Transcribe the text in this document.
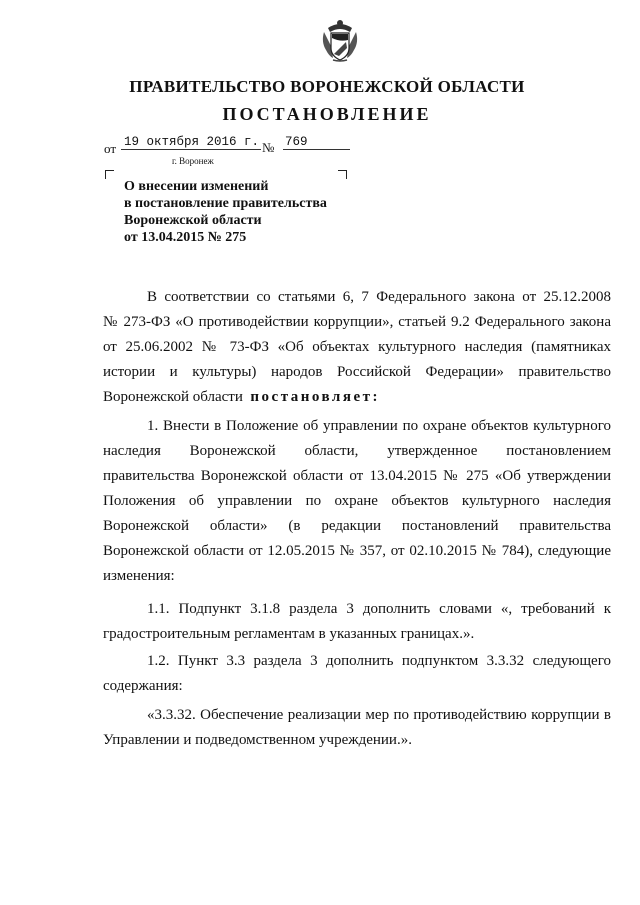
ПРАВИТЕЛЬСТВО ВОРОНЕЖСКОЙ ОБЛАСТИ
ПОСТАНОВЛЕНИЕ
от 19 октября 2016 г. № 769
г. Воронеж
О внесении изменений
в постановление правительства
Воронежской области
от 13.04.2015 № 275
В соответствии со статьями 6, 7 Федерального закона от 25.12.2008
№ 273-ФЗ «О противодействии коррупции», статьей 9.2 Федерального закона
от 25.06.2002 № 73-ФЗ «Об объектах культурного наследия (памятниках
истории и культуры) народов Российской Федерации» правительство
Воронежской области постановляет:
1. Внести в Положение об управлении по охране объектов культурного
наследия Воронежской области, утвержденное постановлением
правительства Воронежской области от 13.04.2015 № 275 «Об утверждении
Положения об управлении по охране объектов культурного наследия
Воронежской области» (в редакции постановлений правительства
Воронежской области от 12.05.2015 № 357, от 02.10.2015 № 784), следующие
изменения:
1.1. Подпункт 3.1.8 раздела 3 дополнить словами «, требований к
градостроительным регламентам в указанных границах.».
1.2. Пункт 3.3 раздела 3 дополнить подпунктом 3.3.32 следующего
содержания:
«3.3.32. Обеспечение реализации мер по противодействию коррупции в
Управлении и подведомственном учреждении.».
